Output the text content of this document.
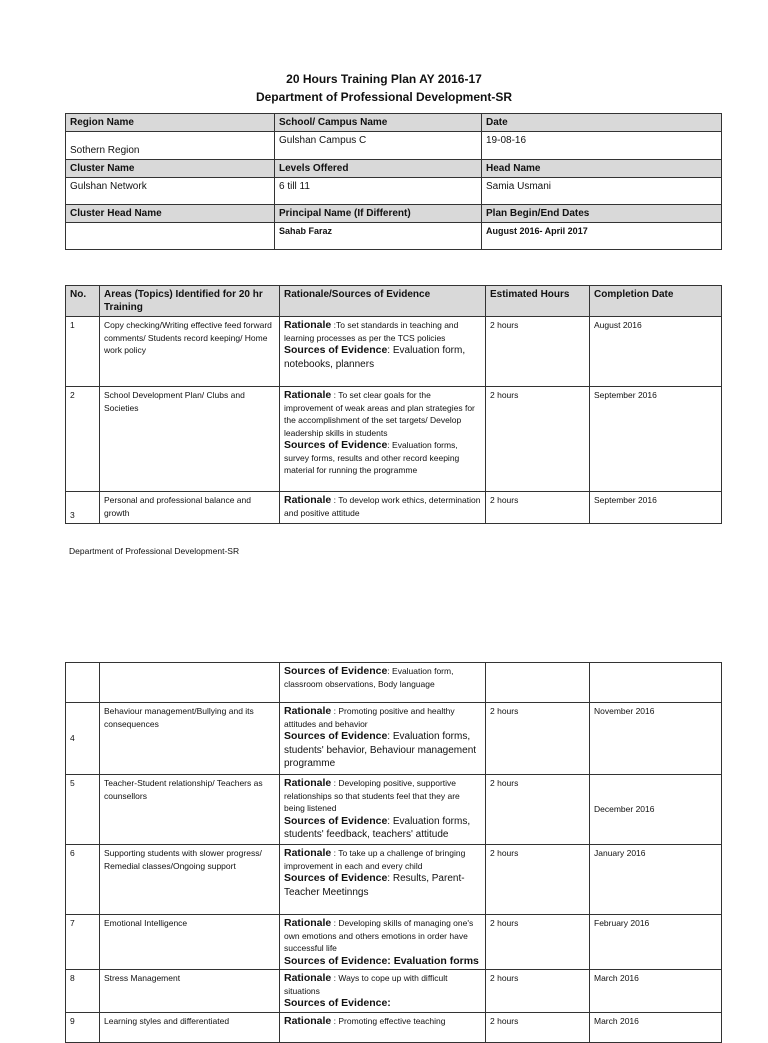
20 Hours Training Plan AY 2016-17
Department of Professional Development-SR
Region Name	School/ Campus Name	Date
Sothern Region	Gulshan Campus C	19-08-16
Cluster Name	Levels Offered	Head Name
Gulshan Network	6 till 11	Samia Usmani
Cluster Head Name	Principal Name (If Different)	Plan Begin/End Dates
	Sahab Faraz	August 2016- April 2017
No.	Areas (Topics) Identified for 20 hr Training	Rationale/Sources of Evidence	Estimated Hours	Completion Date
1	Copy checking/Writing effective feed forward comments/ Students record keeping/ Home work policy	Rationale :To set standards in teaching and learning processes as per the TCS policies
Sources of Evidence: Evaluation form, notebooks, planners	2 hours	August 2016
2	School Development Plan/ Clubs and Societies	Rationale : To set clear goals for the improvement of weak areas and plan strategies for the accomplishment of the set targets/ Develop leadership skills in students
Sources of Evidence: Evaluation forms, survey forms, results and other record keeping material for running the programme	2 hours	September 2016
3	Personal and professional balance and growth	Rationale : To develop work ethics, determination and positive attitude	2 hours	September 2016
Department of Professional Development-SR
		Sources of Evidence: Evaluation form, classroom observations, Body language		
4	Behaviour management/Bullying and its consequences	Rationale : Promoting positive and healthy attitudes and behavior
Sources of Evidence: Evaluation forms, students' behavior, Behaviour management programme	2 hours	November 2016
5	Teacher-Student relationship/ Teachers as counsellors	Rationale : Developing positive, supportive relationships so that students feel that they are being listened
Sources of Evidence: Evaluation forms, students' feedback, teachers' attitude	2 hours	December 2016
6	Supporting students with slower progress/ Remedial classes/Ongoing support	Rationale : To take up a challenge of bringing improvement in each and every child
Sources of Evidence: Results, Parent-Teacher Meetinngs	2 hours	January 2016
7	Emotional Intelligence	Rationale : Developing skills of managing one's own emotions and others emotions in order have successful life
Sources of Evidence: Evaluation forms	2 hours	February 2016
8	Stress Management	Rationale : Ways to cope up with difficult situations
Sources of Evidence:	2 hours	March 2016
9	Learning styles and differentiated	Rationale : Promoting effective teaching	2 hours	March 2016
